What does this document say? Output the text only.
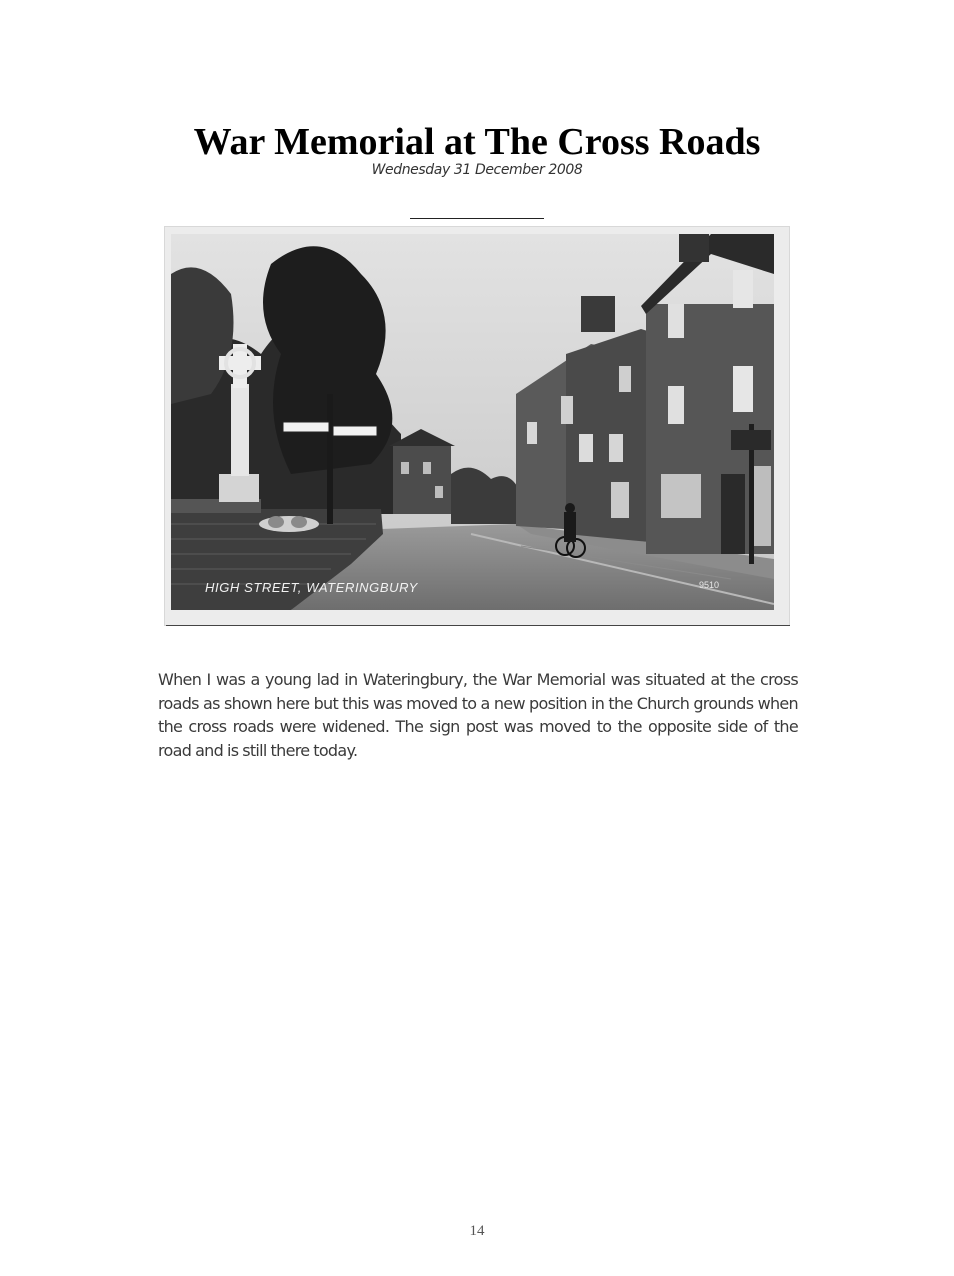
War Memorial at The Cross Roads
Wednesday 31 December 2008
HIGH STREET, WATERINGBURY	9510

When I was a young lad in Wateringbury, the War Memorial was situated at the cross roads as shown here but this was moved to a new position in the Church grounds when the cross roads were widened. The sign post was moved to the opposite side of the road and is still there today.

14
